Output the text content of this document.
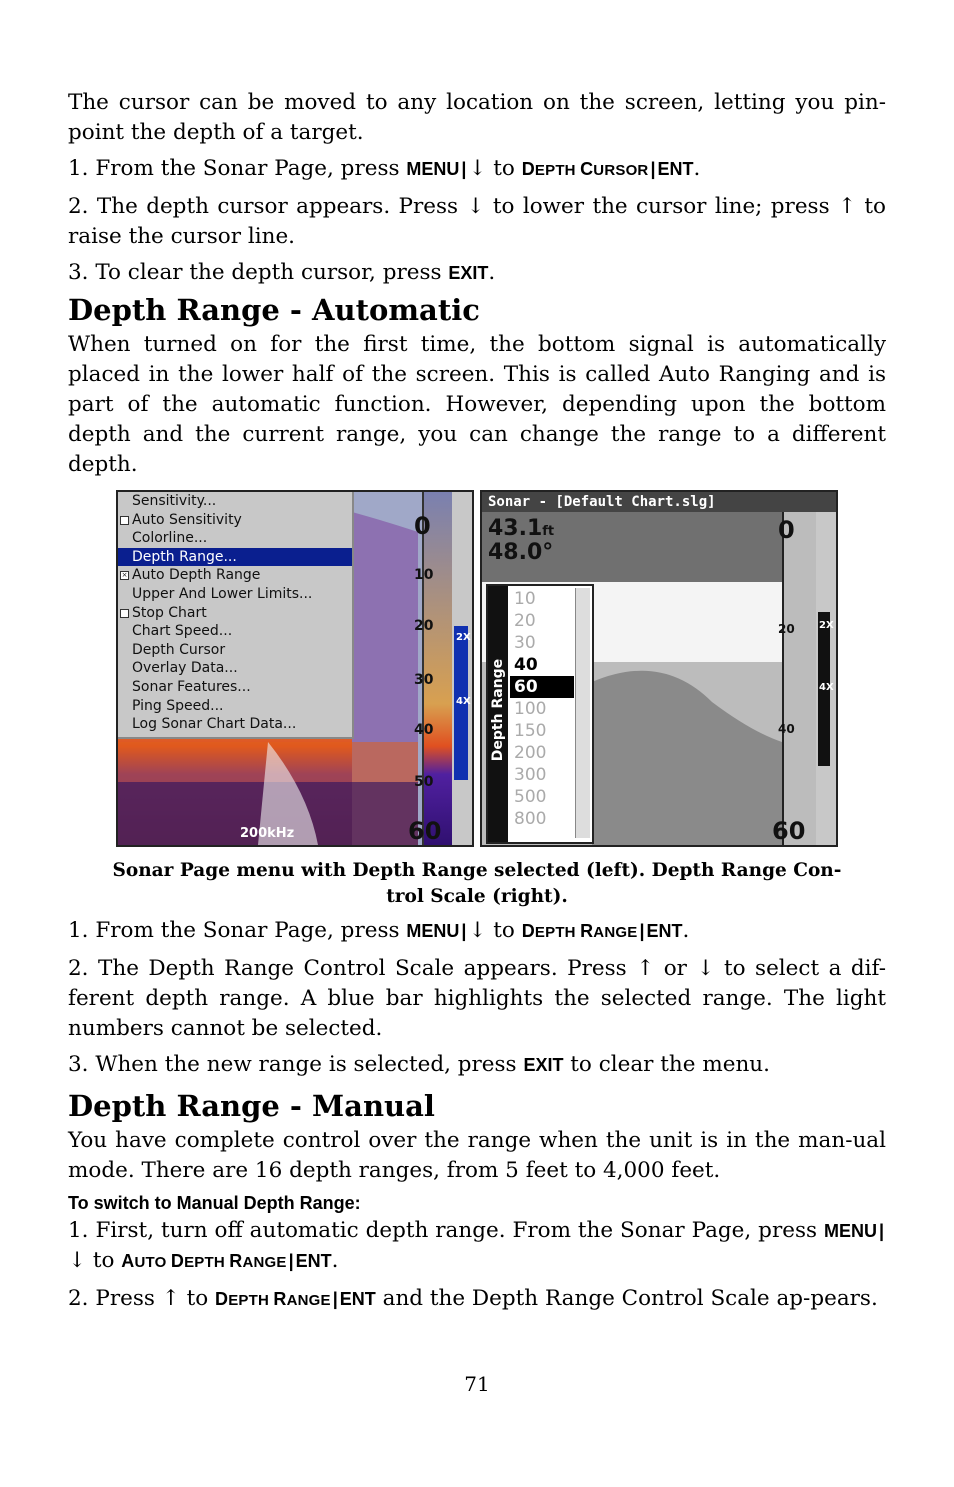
The cursor can be moved to any location on the screen, letting you pin-point the depth of a target.

1. From the Sonar Page, press MENU |↓ to DEPTH CURSOR | ENT.

2. The depth cursor appears. Press ↓ to lower the cursor line; press ↑ to raise the cursor line.

3. To clear the depth cursor, press EXIT.

Depth Range - Automatic

When turned on for the first time, the bottom signal is automatically placed in the lower half of the screen. This is called Auto Ranging and is part of the automatic function. However, depending upon the bottom depth and the current range, you can change the range to a different depth.

Sensitivity...
Auto Sensitivity
Colorline...
Depth Range...
× Auto Depth Range
Upper And Lower Limits...
Stop Chart
Chart Speed...
Depth Cursor
Overlay Data...
Sonar Features...
Ping Speed...
Log Sonar Chart Data...
0
10
20
30
40
50
60
2X
4X
200kHz
Sonar - [Default Chart.slg]
43.1ft
48.0°
0
20
40
60
2X
4X
Depth Range
10
20
30
40
60
100
150
200
300
500
800
Sonar Page menu with Depth Range selected (left). Depth Range Con-
trol Scale (right).

1. From the Sonar Page, press MENU |↓ to DEPTH RANGE | ENT.

2. The Depth Range Control Scale appears. Press ↑ or ↓ to select a dif-ferent depth range. A blue bar highlights the selected range. The light numbers cannot be selected.

3. When the new range is selected, press EXIT to clear the menu.

Depth Range - Manual

You have complete control over the range when the unit is in the man-ual mode. There are 16 depth ranges, from 5 feet to 4,000 feet.

To switch to Manual Depth Range:

1. First, turn off automatic depth range. From the Sonar Page, press MENU |↓ to AUTO DEPTH RANGE | ENT.

2. Press ↑ to DEPTH RANGE | ENT and the Depth Range Control Scale ap-pears.

71
